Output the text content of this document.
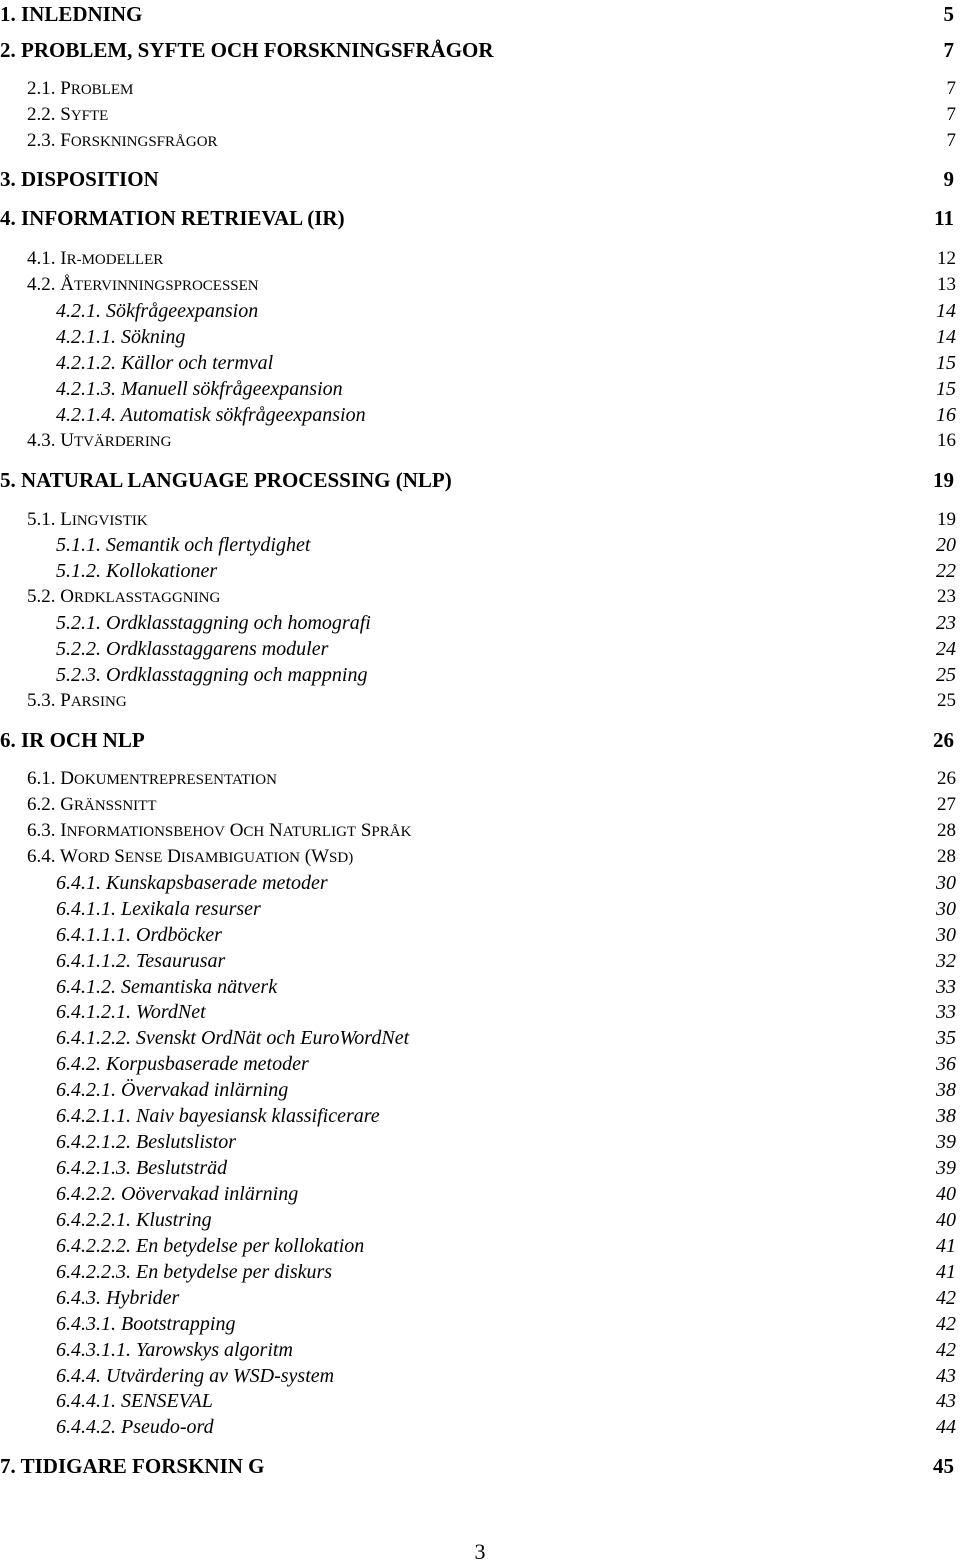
1. INLEDNING	5
2. PROBLEM, SYFTE OCH FORSKNINGSFRÅGOR	7
2.1. PROBLEM	7
2.2. SYFTE	7
2.3. FORSKNINGSFRÅGOR	7
3. DISPOSITION	9
4. INFORMATION RETRIEVAL (IR)	11
4.1. IR-MODELLER	12
4.2. ÅTERVINNINGSPROCESSEN	13
4.2.1. Sökfrågeexpansion	14
4.2.1.1. Sökning	14
4.2.1.2. Källor och termval	15
4.2.1.3. Manuell sökfrågeexpansion	15
4.2.1.4. Automatisk sökfrågeexpansion	16
4.3. UTVÄRDERING	16
5. NATURAL LANGUAGE PROCESSING (NLP)	19
5.1. LINGVISTIK	19
5.1.1. Semantik och flertydighet	20
5.1.2. Kollokationer	22
5.2. ORDKLASSTAGGNING	23
5.2.1. Ordklasstaggning och homografi	23
5.2.2. Ordklasstaggarens moduler	24
5.2.3. Ordklasstaggning och mappning	25
5.3. PARSING	25
6. IR OCH NLP	26
6.1. DOKUMENTREPRESENTATION	26
6.2. GRÄNSSNITT	27
6.3. INFORMATIONSBEHOV OCH NATURLIGT SPRÅK	28
6.4. WORD SENSE DISAMBIGUATION (WSD)	28
6.4.1. Kunskapsbaserade metoder	30
6.4.1.1. Lexikala resurser	30
6.4.1.1.1. Ordböcker	30
6.4.1.1.2. Tesaurusar	32
6.4.1.2. Semantiska nätverk	33
6.4.1.2.1. WordNet	33
6.4.1.2.2. Svenskt OrdNät och EuroWordNet	35
6.4.2. Korpusbaserade metoder	36
6.4.2.1. Övervakad inlärning	38
6.4.2.1.1. Naiv bayesiansk klassificerare	38
6.4.2.1.2. Beslutslistor	39
6.4.2.1.3. Beslutsträd	39
6.4.2.2. Oövervakad inlärning	40
6.4.2.2.1. Klustring	40
6.4.2.2.2. En betydelse per kollokation	41
6.4.2.2.3. En betydelse per diskurs	41
6.4.3. Hybrider	42
6.4.3.1. Bootstrapping	42
6.4.3.1.1. Yarowskys algoritm	42
6.4.4. Utvärdering av WSD-system	43
6.4.4.1. SENSEVAL	43
6.4.4.2. Pseudo-ord	44
7. TIDIGARE FORSKNIN G	45
3
